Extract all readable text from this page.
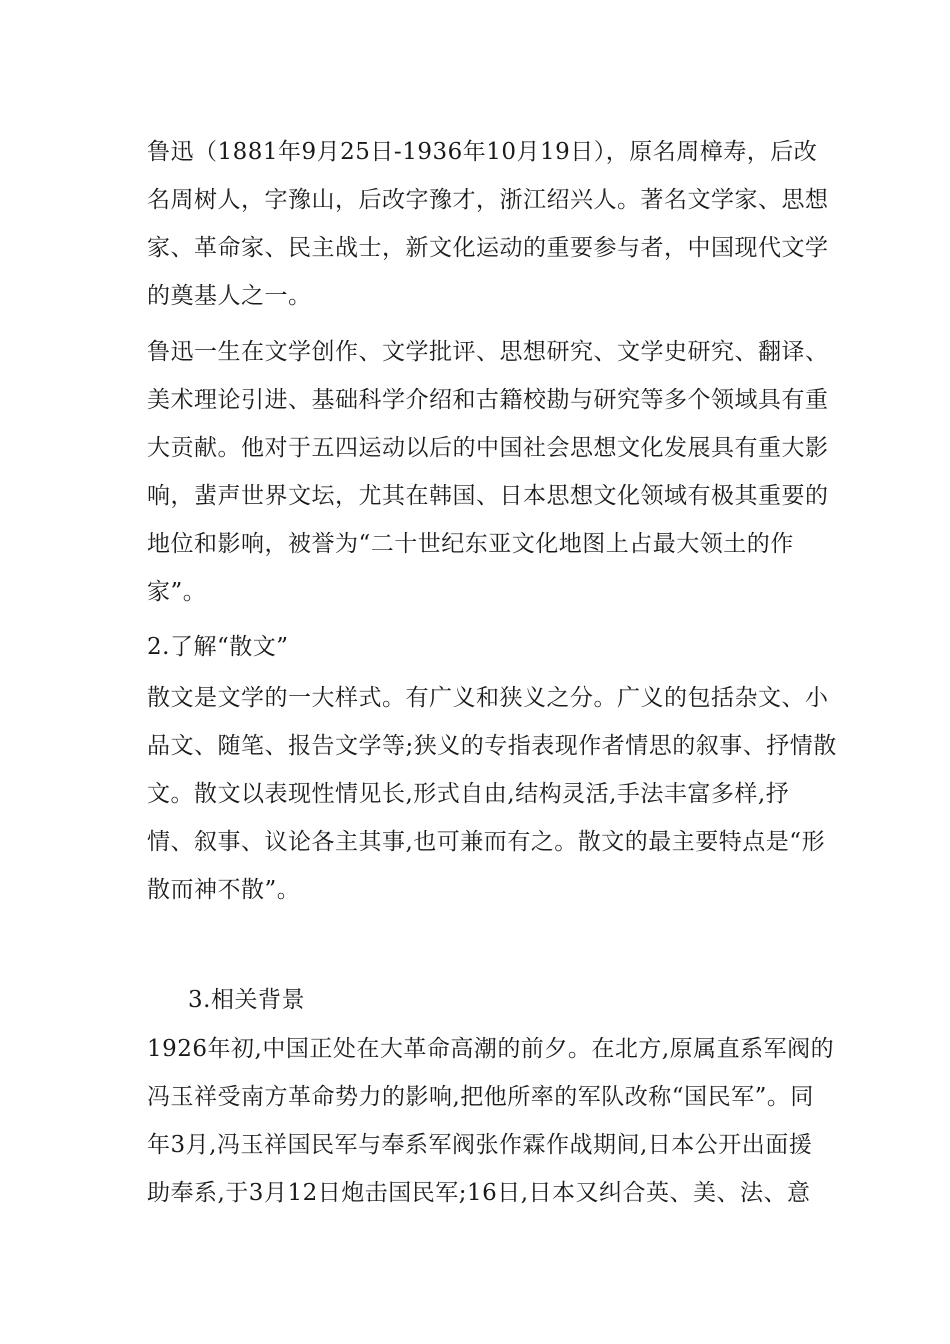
鲁迅（1881年9月25日-1936年10月19日），原名周樟寿，后改
名周树人，字豫山，后改字豫才，浙江绍兴人。著名文学家、思想
家、革命家、民主战士，新文化运动的重要参与者，中国现代文学
的奠基人之一。
鲁迅一生在文学创作、文学批评、思想研究、文学史研究、翻译、
美术理论引进、基础科学介绍和古籍校勘与研究等多个领域具有重
大贡献。他对于五四运动以后的中国社会思想文化发展具有重大影
响，蜚声世界文坛，尤其在韩国、日本思想文化领域有极其重要的
地位和影响，被誉为“二十世纪东亚文化地图上占最大领土的作
家”。
2.了解“散文”
散文是文学的一大样式。有广义和狭义之分。广义的包括杂文、小
品文、随笔、报告文学等;狭义的专指表现作者情思的叙事、抒情散
文。散文以表现性情见长,形式自由,结构灵活,手法丰富多样,抒
情、叙事、议论各主其事,也可兼而有之。散文的最主要特点是“形
散而神不散”。
3.相关背景
1926年初,中国正处在大革命高潮的前夕。在北方,原属直系军阀的
冯玉祥受南方革命势力的影响,把他所率的军队改称“国民军”。同
年3月,冯玉祥国民军与奉系军阀张作霖作战期间,日本公开出面援
助奉系,于3月12日炮击国民军;16日,日本又纠合英、美、法、意
